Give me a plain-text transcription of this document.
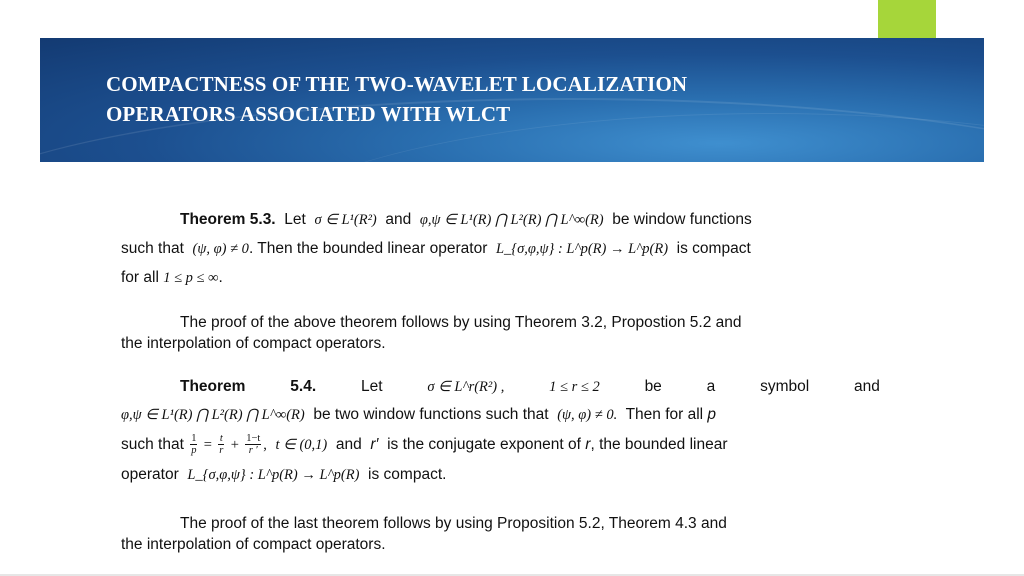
COMPACTNESS OF THE TWO-WAVELET LOCALIZATION
OPERATORS ASSOCIATED WITH WLCT
Theorem 5.3. Let σ ∈ L¹(R²) and φ,ψ ∈ L¹(R) ⋂ L²(R) ⋂ L^∞(R) be window functions
such that (ψ, φ) ≠ 0. Then the bounded linear operator L_{σ,φ,ψ} : L^p(R) → L^p(R) is compact
for all 1 ≤ p ≤ ∞.
The proof of the above theorem follows by using Theorem 3.2, Propostion 5.2 and
the interpolation of compact operators.
Theorem	5.4.	Let	σ ∈ L^r(R²) ,	1 ≤ r ≤ 2	be	a	symbol	and
φ,ψ ∈ L¹(R) ⋂ L²(R) ⋂ L^∞(R) be two window functions such that (ψ, φ) ≠ 0. Then for all p
such that $\frac{1}{p} = \frac{t}{r} + \frac{1-t}{r '}$ , t ∈ (0,1) and r′ is the conjugate exponent of r, the bounded linear
operator L_{σ,φ,ψ} : L^p(R) → L^p(R) is compact.
The proof of the last theorem follows by using Proposition 5.2, Theorem 4.3 and
the interpolation of compact operators.
